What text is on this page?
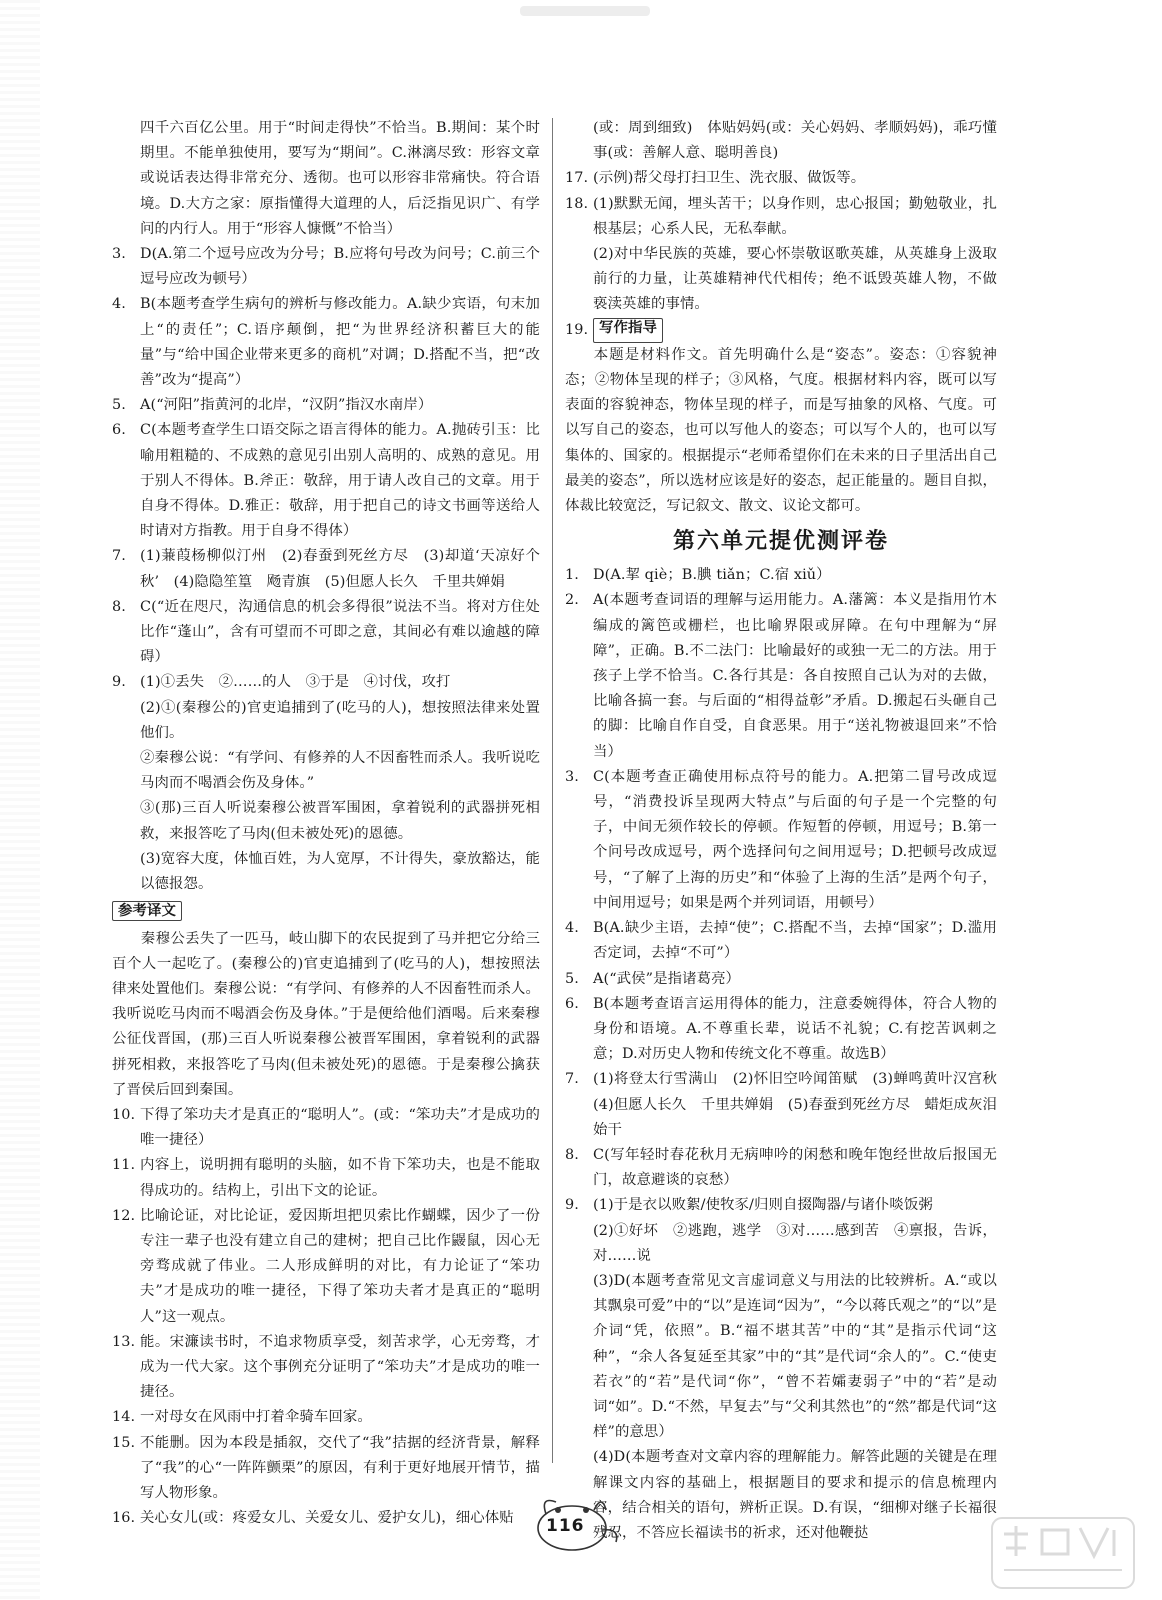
四千六百亿公里。用于“时间走得快”不恰当。B.期间：某个时期里。不能单独使用，要写为“期间”。C.淋漓尽致：形容文章或说话表达得非常充分、透彻。也可以形容非常痛快。符合语境。D.大方之家：原指懂得大道理的人，后泛指见识广、有学问的内行人。用于“形容人慷慨”不恰当）
3. D(A.第二个逗号应改为分号；B.应将句号改为问号；C.前三个逗号应改为顿号）
4. B(本题考查学生病句的辨析与修改能力。A.缺少宾语，句末加上“的责任”；C.语序颠倒，把“为世界经济积蓄巨大的能量”与“给中国企业带来更多的商机”对调；D.搭配不当，把“改善”改为“提高”）
5. A(“河阳”指黄河的北岸，“汉阴”指汉水南岸）
6. C(本题考查学生口语交际之语言得体的能力。A.抛砖引玉：比喻用粗糙的、不成熟的意见引出别人高明的、成熟的意见。用于别人不得体。B.斧正：敬辞，用于请人改自己的文章。用于自身不得体。D.雅正：敬辞，用于把自己的诗文书画等送给人时请对方指教。用于自身不得体）
7. (1)蒹葭杨柳似汀州　(2)春蚕到死丝方尽　(3)却道‘天凉好个秋’　(4)隐隐笙篁　飏青旗　(5)但愿人长久　千里共婵娟
8. C(“近在咫尺，沟通信息的机会多得很”说法不当。将对方住处比作“蓬山”，含有可望而不可即之意，其间必有难以逾越的障碍）
9. (1)①丢失　②……的人　③于是　④讨伐，攻打
(2)①(秦穆公的)官吏追捕到了(吃马的人)，想按照法律来处置他们。
②秦穆公说：“有学问、有修养的人不因畜牲而杀人。我听说吃马肉而不喝酒会伤及身体。”
③(那)三百人听说秦穆公被晋军围困，拿着锐利的武器拼死相救，来报答吃了马肉(但未被处死)的恩德。
(3)宽容大度，体恤百姓，为人宽厚，不计得失，豪放豁达，能以德报怨。
参考译文
秦穆公丢失了一匹马，岐山脚下的农民捉到了马并把它分给三百个人一起吃了。(秦穆公的)官吏追捕到了(吃马的人)，想按照法律来处置他们。秦穆公说：“有学问、有修养的人不因畜牲而杀人。我听说吃马肉而不喝酒会伤及身体。”于是便给他们酒喝。后来秦穆公征伐晋国，(那)三百人听说秦穆公被晋军围困，拿着锐利的武器拼死相救，来报答吃了马肉(但未被处死)的恩德。于是秦穆公擒获了晋侯后回到秦国。
10. 下得了笨功夫才是真正的“聪明人”。(或：“笨功夫”才是成功的唯一捷径）
11. 内容上，说明拥有聪明的头脑，如不肯下笨功夫，也是不能取得成功的。结构上，引出下文的论证。
12. 比喻论证，对比论证，爱因斯坦把贝索比作蝴蝶，因少了一份专注一辈子也没有建立自己的建树；把自己比作鼹鼠，因心无旁骛成就了伟业。二人形成鲜明的对比，有力论证了“笨功夫”才是成功的唯一捷径，下得了笨功夫者才是真正的“聪明人”这一观点。
13. 能。宋濂读书时，不追求物质享受，刻苦求学，心无旁骛，才成为一代大家。这个事例充分证明了“笨功夫”才是成功的唯一捷径。
14. 一对母女在风雨中打着伞骑车回家。
15. 不能删。因为本段是插叙，交代了“我”拮据的经济背景，解释了“我”的心“一阵阵颤栗”的原因，有利于更好地展开情节，描写人物形象。
16. 关心女儿(或：疼爱女儿、关爱女儿、爱护女儿)，细心体贴
(或：周到细致)　体贴妈妈(或：关心妈妈、孝顺妈妈)，乖巧懂事(或：善解人意、聪明善良)
17. (示例)帮父母打扫卫生、洗衣服、做饭等。
18. (1)默默无闻，埋头苦干；以身作则，忠心报国；勤勉敬业，扎根基层；心系人民，无私奉献。
(2)对中华民族的英雄，要心怀崇敬讴歌英雄，从英雄身上汲取前行的力量，让英雄精神代代相传；绝不诋毁英雄人物，不做亵渎英雄的事情。
19. 写作指导
本题是材料作文。首先明确什么是“姿态”。姿态：①容貌神态；②物体呈现的样子；③风格，气度。根据材料内容，既可以写表面的容貌神态，物体呈现的样子，而是写抽象的风格、气度。可以写自己的姿态，也可以写他人的姿态；可以写个人的，也可以写集体的、国家的。根据提示“老师希望你们在未来的日子里活出自己最美的姿态”，所以选材应该是好的姿态，起正能量的。题目自拟，体裁比较宽泛，写记叙文、散文、议论文都可。
第六单元提优测评卷
1. D(A.挈 qiè；B.腆 tiǎn；C.宿 xiǔ）
2. A(本题考查词语的理解与运用能力。A.藩篱：本义是指用竹木编成的篱笆或栅栏，也比喻界限或屏障。在句中理解为“屏障”，正确。B.不二法门：比喻最好的或独一无二的方法。用于孩子上学不恰当。C.各行其是：各自按照自己认为对的去做，比喻各搞一套。与后面的“相得益彰”矛盾。D.搬起石头砸自己的脚：比喻自作自受，自食恶果。用于“送礼物被退回来”不恰当）
3. C(本题考查正确使用标点符号的能力。A.把第二冒号改成逗号，“消费投诉呈现两大特点”与后面的句子是一个完整的句子，中间无须作较长的停顿。作短暂的停顿，用逗号；B.第一个问号改成逗号，两个选择问句之间用逗号；D.把顿号改成逗号，“了解了上海的历史”和“体验了上海的生活”是两个句子，中间用逗号；如果是两个并列词语，用顿号）
4. B(A.缺少主语，去掉“使”；C.搭配不当，去掉“国家”；D.滥用否定词，去掉“不可”）
5. A(“武侯”是指诸葛亮）
6. B(本题考查语言运用得体的能力，注意委婉得体，符合人物的身份和语境。A.不尊重长辈，说话不礼貌；C.有挖苦讽刺之意；D.对历史人物和传统文化不尊重。故选B）
7. (1)将登太行雪满山　(2)怀旧空吟闻笛赋　(3)蝉鸣黄叶汉宫秋　(4)但愿人长久　千里共婵娟　(5)春蚕到死丝方尽　蜡炬成灰泪始干
8. C(写年轻时春花秋月无病呻吟的闲愁和晚年饱经世故后报国无门，故意避谈的哀愁）
9. (1)于是衣以败絮/使牧豕/归则自掇陶器/与诸仆啖饭粥
(2)①好坏　②逃跑，逃学　③对……感到苦　④禀报，告诉，对……说
(3)D(本题考查常见文言虚词意义与用法的比较辨析。A.“或以其飘泉可爱”中的“以”是连词“因为”，“今以蒋氏观之”的“以”是介词“凭，依照”。B.“福不堪其苦”中的“其”是指示代词“这种”，“余人各复延至其家”中的“其”是代词“余人的”。C.“使吏若衣”的“若”是代词“你”，“曾不若孀妻弱子”中的“若”是动词“如”。D.“不然，早复去”与“父利其然也”的“然”都是代词“这样”的意思）
(4)D(本题考查对文章内容的理解能力。解答此题的关键是在理解课文内容的基础上，根据题目的要求和提示的信息梳理内容，结合相关的语句，辨析正误。D.有误，“细柳对继子长福很残忍，不答应长福读书的祈求，还对他鞭挞
116
